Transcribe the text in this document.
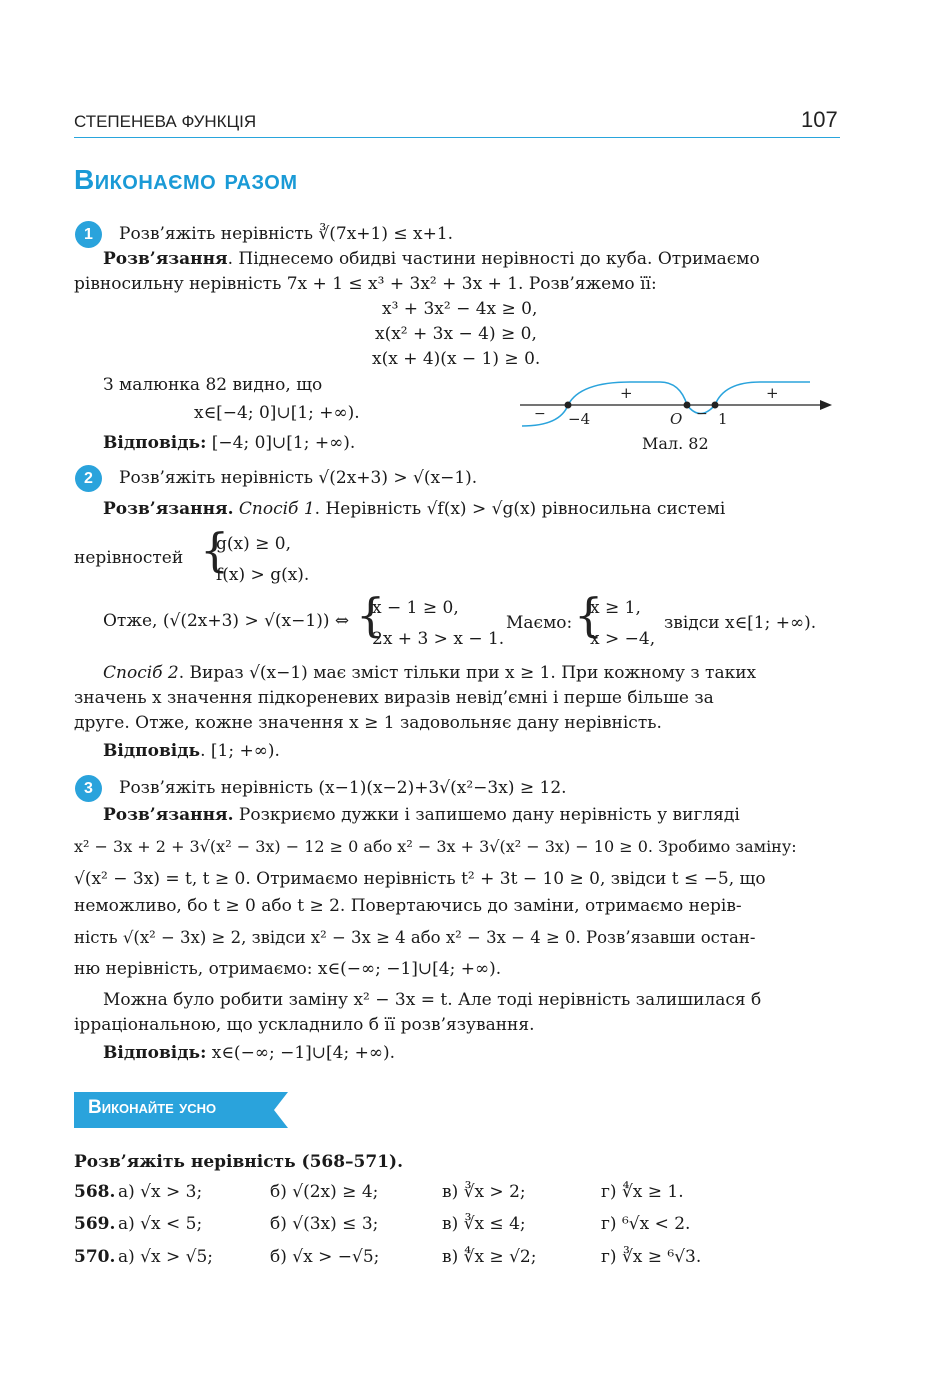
СТЕПЕНЕВА ФУНКЦІЯ	107
Виконаємо разом
1	Розв’яжіть нерівність ∛(7x+1) ≤ x+1.
Розв’язання. Піднесемо обидві частини нерівності до куба. Отримаємо
рівносильну нерівність 7x + 1 ≤ x³ + 3x² + 3x + 1. Розв’яжемо її:
x³ + 3x² − 4x ≥ 0,
x(x² + 3x − 4) ≥ 0,
x(x + 4)(x − 1) ≥ 0.
З малюнка 82 видно, що
x∈[−4; 0]∪[1; +∞).
Відповідь: [−4; 0]∪[1; +∞).
−
+
−
+
−4	O 1
Мал. 82
2	Розв’яжіть нерівність √(2x+3) > √(x−1).
Розв’язання. Спосіб 1. Нерівність √f(x) > √g(x) рівносильна системі
нерівностей {
g(x) ≥ 0,
f(x) > g(x).
Отже, (√(2x+3) > √(x−1)) ⇔ {
x − 1 ≥ 0,
2x + 3 > x − 1.
Маємо: {
x ≥ 1,
x > −4,
звідси x∈[1; +∞).
Спосіб 2. Вираз √(x−1) має зміст тільки при x ≥ 1. При кожному з таких
значень x значення підкореневих виразів невід’ємні і перше більше за
друге. Отже, кожне значення x ≥ 1 задовольняє дану нерівність.
Відповідь. [1; +∞).
3	Розв’яжіть нерівність (x−1)(x−2)+3√(x²−3x) ≥ 12.
Розв’язання. Розкриємо дужки і запишемо дану нерівність у вигляді
x² − 3x + 2 + 3√(x² − 3x) − 12 ≥ 0 або x² − 3x + 3√(x² − 3x) − 10 ≥ 0. Зробимо заміну:
√(x² − 3x) = t, t ≥ 0. Отримаємо нерівність t² + 3t − 10 ≥ 0, звідси t ≤ −5, що
неможливо, бо t ≥ 0 або t ≥ 2. Повертаючись до заміни, отримаємо нерів-
ність √(x² − 3x) ≥ 2, звідси x² − 3x ≥ 4 або x² − 3x − 4 ≥ 0. Розв’язавши остан-
ню нерівність, отримаємо: x∈(−∞; −1]∪[4; +∞).
Можна було робити заміну x² − 3x = t. Але тоді нерівність залишилася б
ірраціональною, що ускладнило б її розв’язування.
Відповідь: x∈(−∞; −1]∪[4; +∞).
Виконайте усно
Розв’яжіть нерівність (568–571).
568. а) √x > 3;	б) √(2x) ≥ 4;	в) ∛x > 2;	г) ∜x ≥ 1.
569. а) √x < 5;	б) √(3x) ≤ 3;	в) ∛x ≤ 4;	г) ⁶√x < 2.
570. а) √x > √5;	б) √x > −√5;	в) ∜x ≥ √2;	г) ∛x ≥ ⁶√3.
